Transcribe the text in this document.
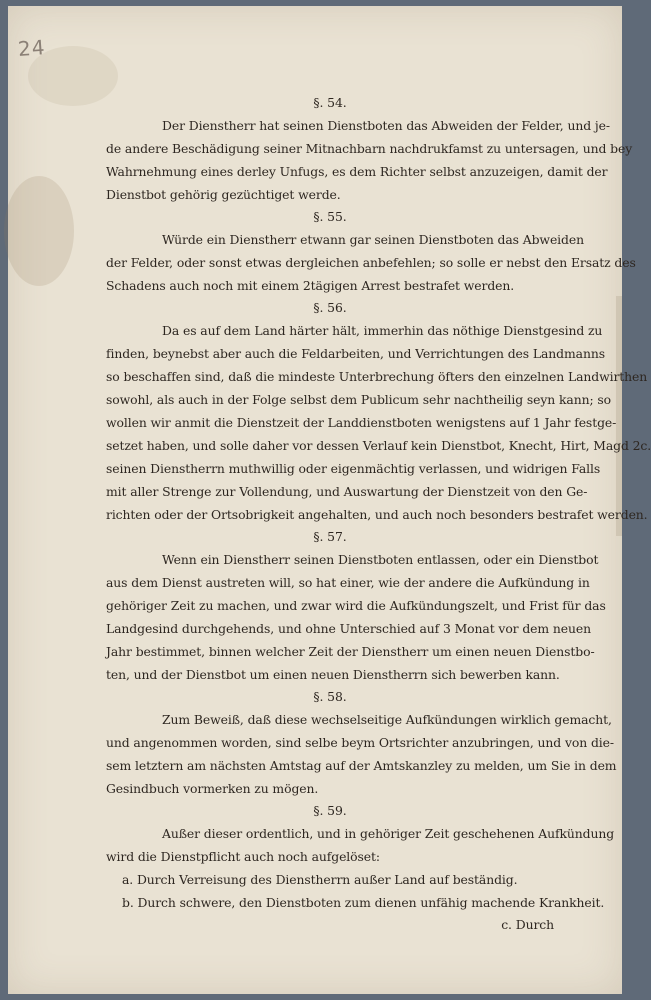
24
§. 54.
Der Dienstherr hat seinen Dienstboten das Abweiden der Felder, und je-
de andere Beschädigung seiner Mitnachbarn nachdrukfamst zu untersagen, und bey
Wahrnehmung eines derley Unfugs, es dem Richter selbst anzuzeigen, damit der
Dienstbot gehörig gezüchtiget werde.
§. 55.
Würde ein Dienstherr etwann gar seinen Dienstboten das Abweiden
der Felder, oder sonst etwas dergleichen anbefehlen; so solle er nebst den Ersatz des
Schadens auch noch mit einem 2tägigen Arrest bestrafet werden.
§. 56.
Da es auf dem Land härter hält, immerhin das nöthige Dienstgesind zu
finden, beynebst aber auch die Feldarbeiten, und Verrichtungen des Landmanns
so beschaffen sind, daß die mindeste Unterbrechung öfters den einzelnen Landwirthen
sowohl, als auch in der Folge selbst dem Publicum sehr nachtheilig seyn kann; so
wollen wir anmit die Dienstzeit der Landdienstboten wenigstens auf 1 Jahr festge-
setzet haben, und solle daher vor dessen Verlauf kein Dienstbot, Knecht, Hirt, Magd 2c.
seinen Dienstherrn muthwillig oder eigenmächtig verlassen, und widrigen Falls
mit aller Strenge zur Vollendung, und Auswartung der Dienstzeit von den Ge-
richten oder der Ortsobrigkeit angehalten, und auch noch besonders bestrafet werden.
§. 57.
Wenn ein Dienstherr seinen Dienstboten entlassen, oder ein Dienstbot
aus dem Dienst austreten will, so hat einer, wie der andere die Aufkündung in
gehöriger Zeit zu machen, und zwar wird die Aufkündungszelt, und Frist für das
Landgesind durchgehends, und ohne Unterschied auf 3 Monat vor dem neuen
Jahr bestimmet, binnen welcher Zeit der Dienstherr um einen neuen Dienstbo-
ten, und der Dienstbot um einen neuen Dienstherrn sich bewerben kann.
§. 58.
Zum Beweiß, daß diese wechselseitige Aufkündungen wirklich gemacht,
und angenommen worden, sind selbe beym Ortsrichter anzubringen, und von die-
sem letztern am nächsten Amtstag auf der Amtskanzley zu melden, um Sie in dem
Gesindbuch vormerken zu mögen.
§. 59.
Außer dieser ordentlich, und in gehöriger Zeit geschehenen Aufkündung
wird die Dienstpflicht auch noch aufgelöset:
a. Durch Verreisung des Dienstherrn außer Land auf beständig.
b. Durch schwere, den Dienstboten zum dienen unfähig machende Krankheit.
c. Durch
